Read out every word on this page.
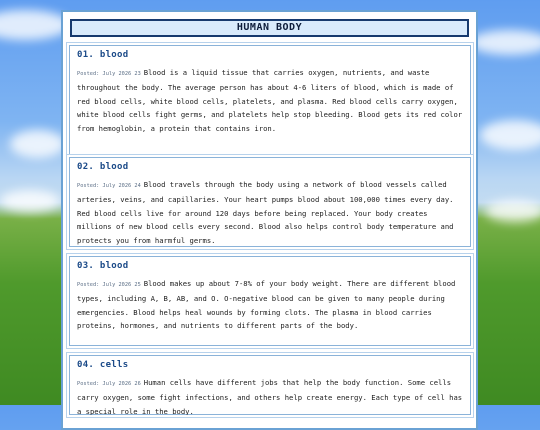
HUMAN BODY
01. blood

Posted: July 2026 23 Blood is a liquid tissue that carries oxygen, nutrients, and waste throughout the body. The average person has about 4-6 liters of blood, which is made of red blood cells, white blood cells, platelets, and plasma. Red blood cells carry oxygen, white blood cells fight germs, and platelets help stop bleeding. Blood gets its red color from hemoglobin, a protein that contains iron.

02. blood

Posted: July 2026 24 Blood travels through the body using a network of blood vessels called arteries, veins, and capillaries. Your heart pumps blood about 100,000 times every day. Red blood cells live for around 120 days before being replaced. Your body creates millions of new blood cells every second. Blood also helps control body temperature and protects you from harmful germs.

03. blood

Posted: July 2026 25 Blood makes up about 7-8% of your body weight. There are different blood types, including A, B, AB, and O. O-negative blood can be given to many people during emergencies. Blood helps heal wounds by forming clots. The plasma in blood carries proteins, hormones, and nutrients to different parts of the body.

04. cells

Posted: July 2026 26 Human cells have different jobs that help the body function. Some cells carry oxygen, some fight infections, and others help create energy. Each type of cell has a special role in the body.
